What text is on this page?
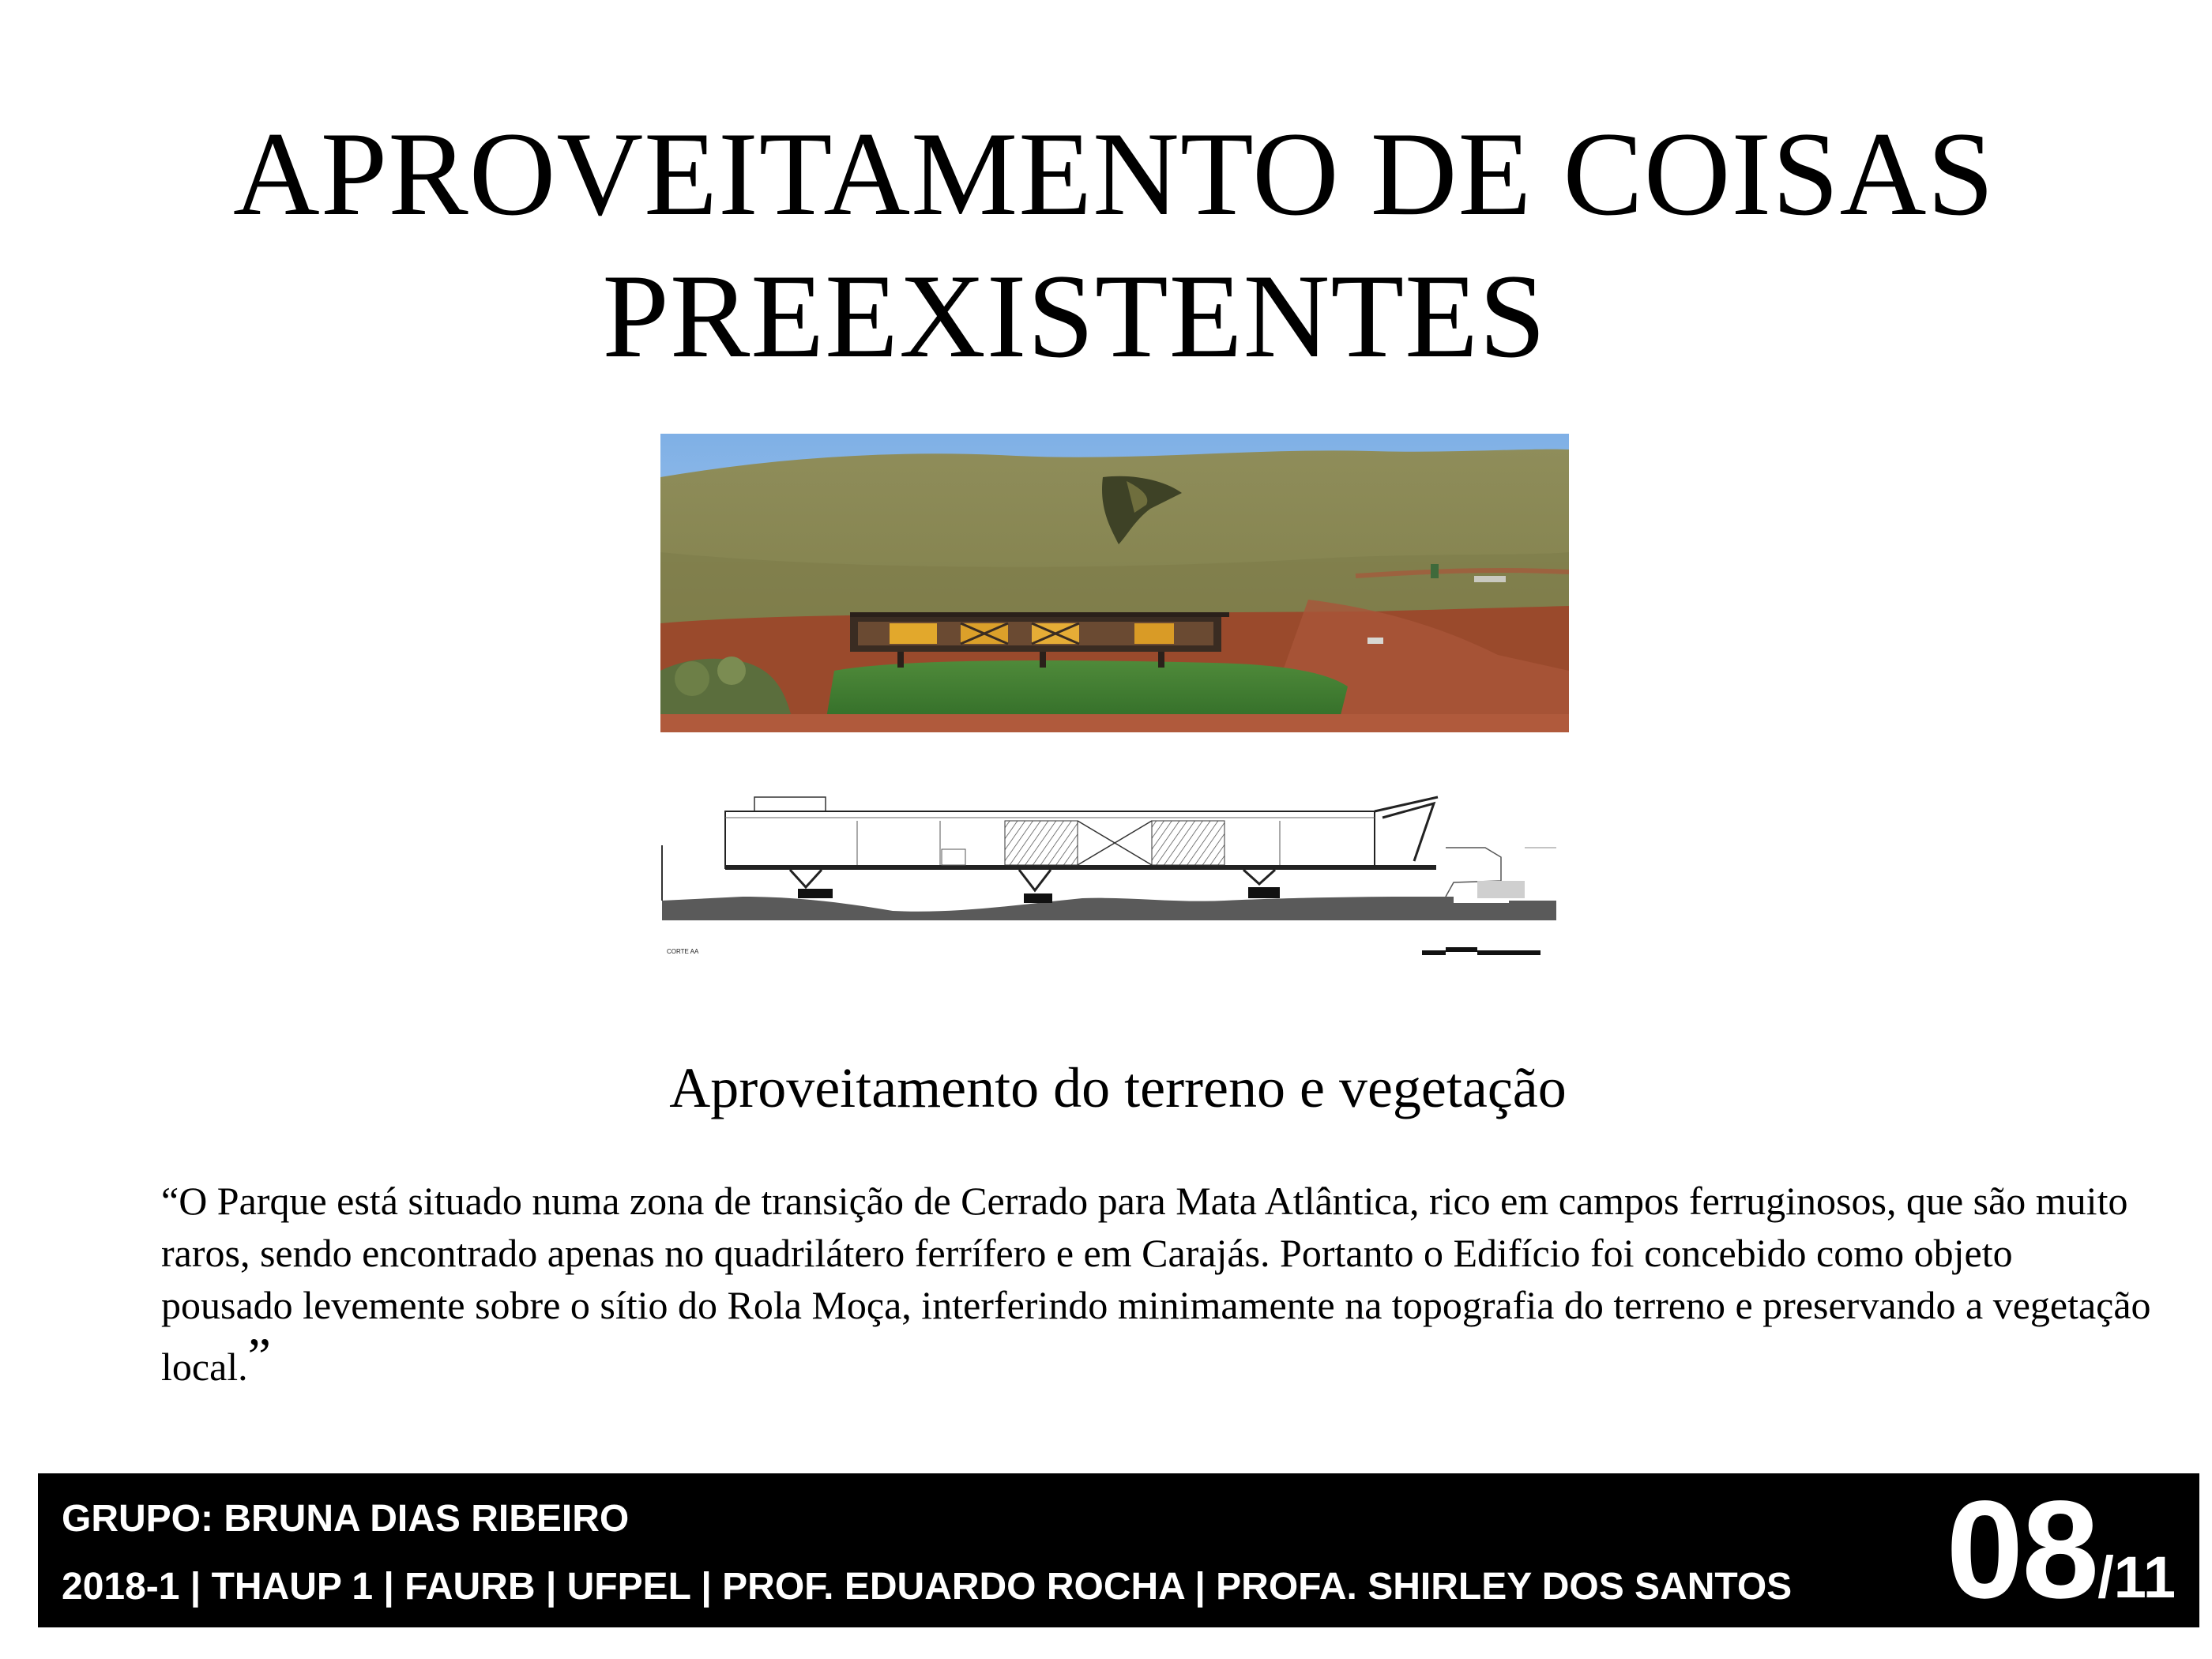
APROVEITAMENTO DE COISAS
PREEXISTENTES
CORTE AA
Aproveitamento do terreno e vegetação
“O Parque está situado numa zona de transição de Cerrado para Mata Atlântica, rico em campos ferruginosos, que são muito raros, sendo encontrado apenas no quadrilátero ferrífero e em Carajás. Portanto o Edifício foi concebido como objeto pousado levemente sobre o sítio do Rola Moça, interferindo minimamente na topografia do terreno e preservando a vegetação local.”
GRUPO: BRUNA DIAS RIBEIRO
2018-1 | THAUP 1 | FAURB | UFPEL | PROF. EDUARDO ROCHA | PROFA. SHIRLEY DOS SANTOS 08/11
